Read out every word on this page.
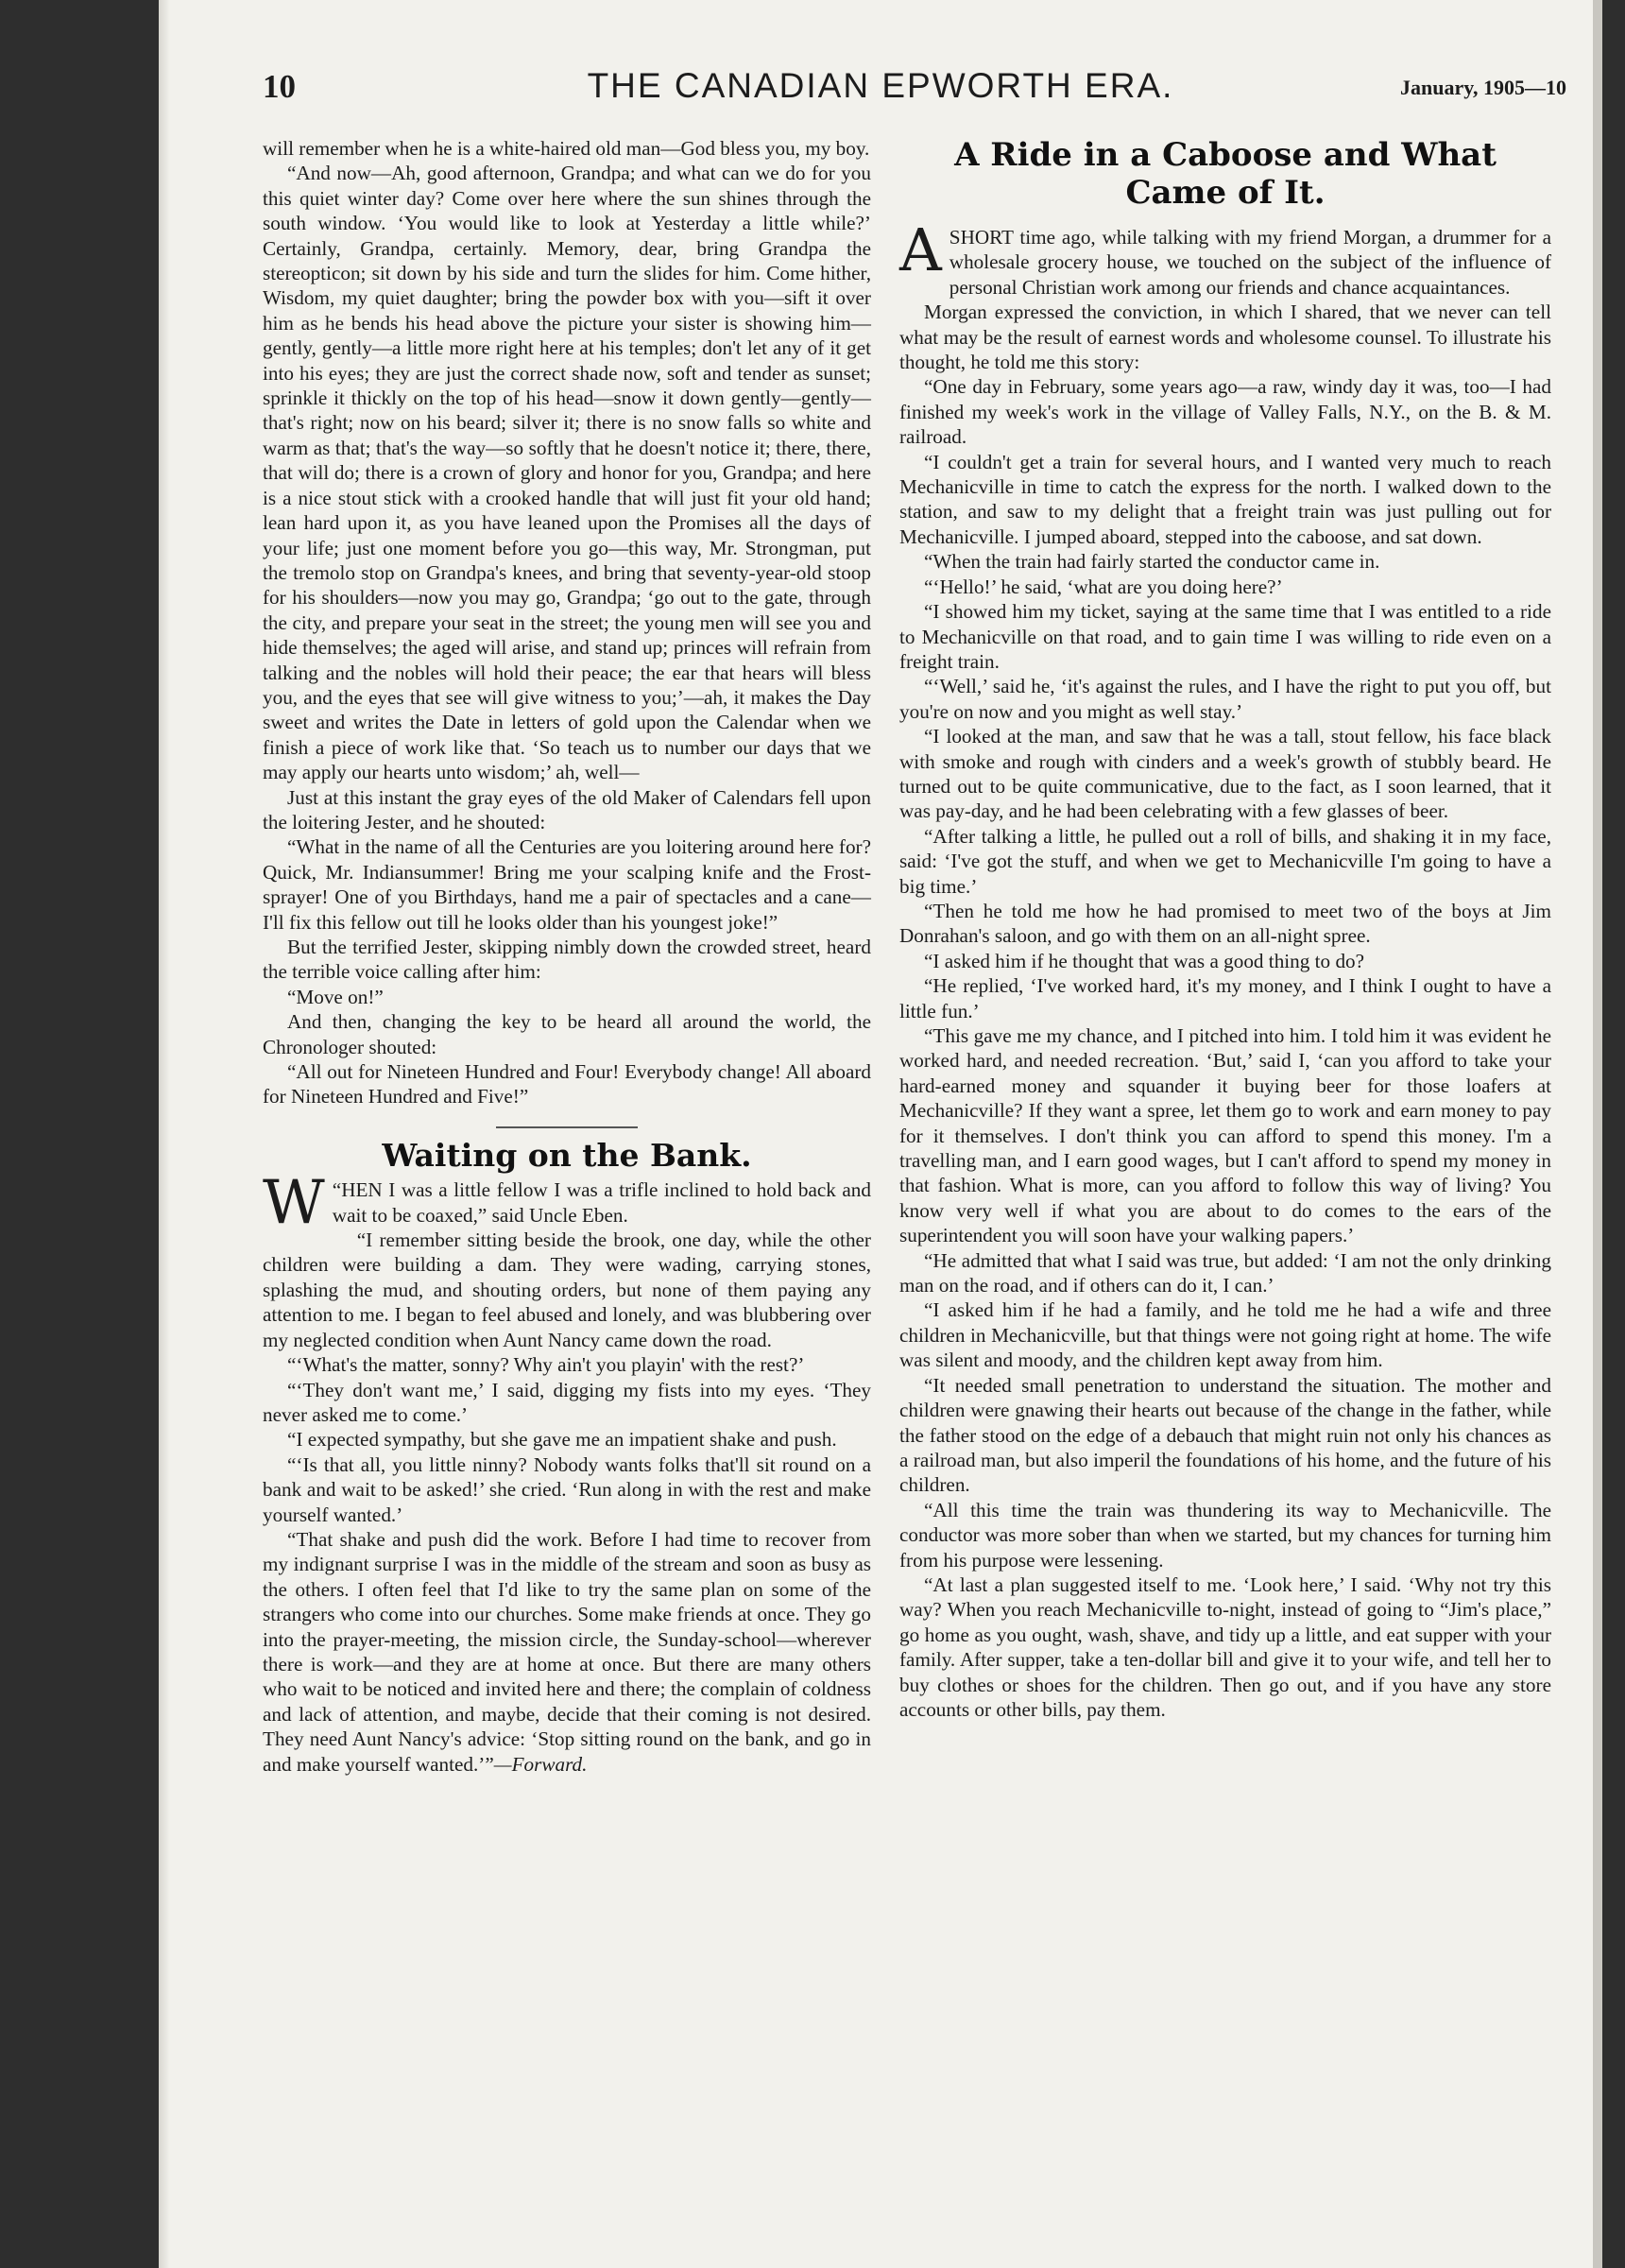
10	THE CANADIAN EPWORTH ERA.	January, 1905—10

will remember when he is a white-haired old man—God bless you, my boy.

“And now—Ah, good afternoon, Grandpa; and what can we do for you this quiet winter day? Come over here where the sun shines through the south window. ‘You would like to look at Yesterday a little while?’ Certainly, Grandpa, certainly. Memory, dear, bring Grandpa the stereopticon; sit down by his side and turn the slides for him. Come hither, Wisdom, my quiet daughter; bring the powder box with you—sift it over him as he bends his head above the picture your sister is showing him—gently, gently—a little more right here at his temples; don't let any of it get into his eyes; they are just the correct shade now, soft and tender as sunset; sprinkle it thickly on the top of his head—snow it down gently—gently—that's right; now on his beard; silver it; there is no snow falls so white and warm as that; that's the way—so softly that he doesn't notice it; there, there, that will do; there is a crown of glory and honor for you, Grandpa; and here is a nice stout stick with a crooked handle that will just fit your old hand; lean hard upon it, as you have leaned upon the Promises all the days of your life; just one moment before you go—this way, Mr. Strongman, put the tremolo stop on Grandpa's knees, and bring that seventy-year-old stoop for his shoulders—now you may go, Grandpa; ‘go out to the gate, through the city, and prepare your seat in the street; the young men will see you and hide themselves; the aged will arise, and stand up; princes will refrain from talking and the nobles will hold their peace; the ear that hears will bless you, and the eyes that see will give witness to you;’—ah, it makes the Day sweet and writes the Date in letters of gold upon the Calendar when we finish a piece of work like that. ‘So teach us to number our days that we may apply our hearts unto wisdom;’ ah, well—

Just at this instant the gray eyes of the old Maker of Calendars fell upon the loitering Jester, and he shouted:

“What in the name of all the Centuries are you loitering around here for? Quick, Mr. Indiansummer! Bring me your scalping knife and the Frost-sprayer! One of you Birthdays, hand me a pair of spectacles and a cane—I'll fix this fellow out till he looks older than his youngest joke!”

But the terrified Jester, skipping nimbly down the crowded street, heard the terrible voice calling after him:

“Move on!”

And then, changing the key to be heard all around the world, the Chronologer shouted:

“All out for Nineteen Hundred and Four! Everybody change! All aboard for Nineteen Hundred and Five!”

Waiting on the Bank.

“
W HEN I was a little fellow I was a trifle inclined to hold back and wait to be coaxed,” said Uncle Eben.

“I remember sitting beside the brook, one day, while the other children were building a dam. They were wading, carrying stones, splashing the mud, and shouting orders, but none of them paying any attention to me. I began to feel abused and lonely, and was blubbering over my neglected condition when Aunt Nancy came down the road.

“‘What's the matter, sonny? Why ain't you playin' with the rest?’

“‘They don't want me,’ I said, digging my fists into my eyes. ‘They never asked me to come.’

“I expected sympathy, but she gave me an impatient shake and push.

“‘Is that all, you little ninny? Nobody wants folks that'll sit round on a bank and wait to be asked!’ she cried. ‘Run along in with the rest and make yourself wanted.’

“That shake and push did the work. Before I had time to recover from my indignant surprise I was in the middle of the stream and soon as busy as the others. I often feel that I'd like to try the same plan on some of the strangers who come into our churches. Some make friends at once. They go into the prayer-meeting, the mission circle, the Sunday-school—wherever there is work—and they are at home at once. But there are many others who wait to be noticed and invited here and there; the complain of coldness and lack of attention, and maybe, decide that their coming is not desired. They need Aunt Nancy's advice: ‘Stop sitting round on the bank, and go in and make yourself wanted.’”—Forward.

A Ride in a Caboose and What Came of It.

ASHORT time ago, while talking with my friend Morgan, a drummer for a wholesale grocery house, we touched on the subject of the influence of personal Christian work among our friends and chance acquaintances.

Morgan expressed the conviction, in which I shared, that we never can tell what may be the result of earnest words and wholesome counsel. To illustrate his thought, he told me this story:

“One day in February, some years ago—a raw, windy day it was, too—I had finished my week's work in the village of Valley Falls, N.Y., on the B. & M. railroad.

“I couldn't get a train for several hours, and I wanted very much to reach Mechanicville in time to catch the express for the north. I walked down to the station, and saw to my delight that a freight train was just pulling out for Mechanicville. I jumped aboard, stepped into the caboose, and sat down.

“When the train had fairly started the conductor came in.

“‘Hello!’ he said, ‘what are you doing here?’

“I showed him my ticket, saying at the same time that I was entitled to a ride to Mechanicville on that road, and to gain time I was willing to ride even on a freight train.

“‘Well,’ said he, ‘it's against the rules, and I have the right to put you off, but you're on now and you might as well stay.’

“I looked at the man, and saw that he was a tall, stout fellow, his face black with smoke and rough with cinders and a week's growth of stubbly beard. He turned out to be quite communicative, due to the fact, as I soon learned, that it was pay-day, and he had been celebrating with a few glasses of beer.

“After talking a little, he pulled out a roll of bills, and shaking it in my face, said: ‘I've got the stuff, and when we get to Mechanicville I'm going to have a big time.’

“Then he told me how he had promised to meet two of the boys at Jim Donrahan's saloon, and go with them on an all-night spree.

“I asked him if he thought that was a good thing to do?

“He replied, ‘I've worked hard, it's my money, and I think I ought to have a little fun.’

“This gave me my chance, and I pitched into him. I told him it was evident he worked hard, and needed recreation. ‘But,’ said I, ‘can you afford to take your hard-earned money and squander it buying beer for those loafers at Mechanicville? If they want a spree, let them go to work and earn money to pay for it themselves. I don't think you can afford to spend this money. I'm a travelling man, and I earn good wages, but I can't afford to spend my money in that fashion. What is more, can you afford to follow this way of living? You know very well if what you are about to do comes to the ears of the superintendent you will soon have your walking papers.’

“He admitted that what I said was true, but added: ‘I am not the only drinking man on the road, and if others can do it, I can.’

“I asked him if he had a family, and he told me he had a wife and three children in Mechanicville, but that things were not going right at home. The wife was silent and moody, and the children kept away from him.

“It needed small penetration to understand the situation. The mother and children were gnawing their hearts out because of the change in the father, while the father stood on the edge of a debauch that might ruin not only his chances as a railroad man, but also imperil the foundations of his home, and the future of his children.

“All this time the train was thundering its way to Mechanicville. The conductor was more sober than when we started, but my chances for turning him from his purpose were lessening.

“At last a plan suggested itself to me. ‘Look here,’ I said. ‘Why not try this way? When you reach Mechanicville to-night, instead of going to “Jim's place,” go home as you ought, wash, shave, and tidy up a little, and eat supper with your family. After supper, take a ten-dollar bill and give it to your wife, and tell her to buy clothes or shoes for the children. Then go out, and if you have any store accounts or other bills, pay them.
